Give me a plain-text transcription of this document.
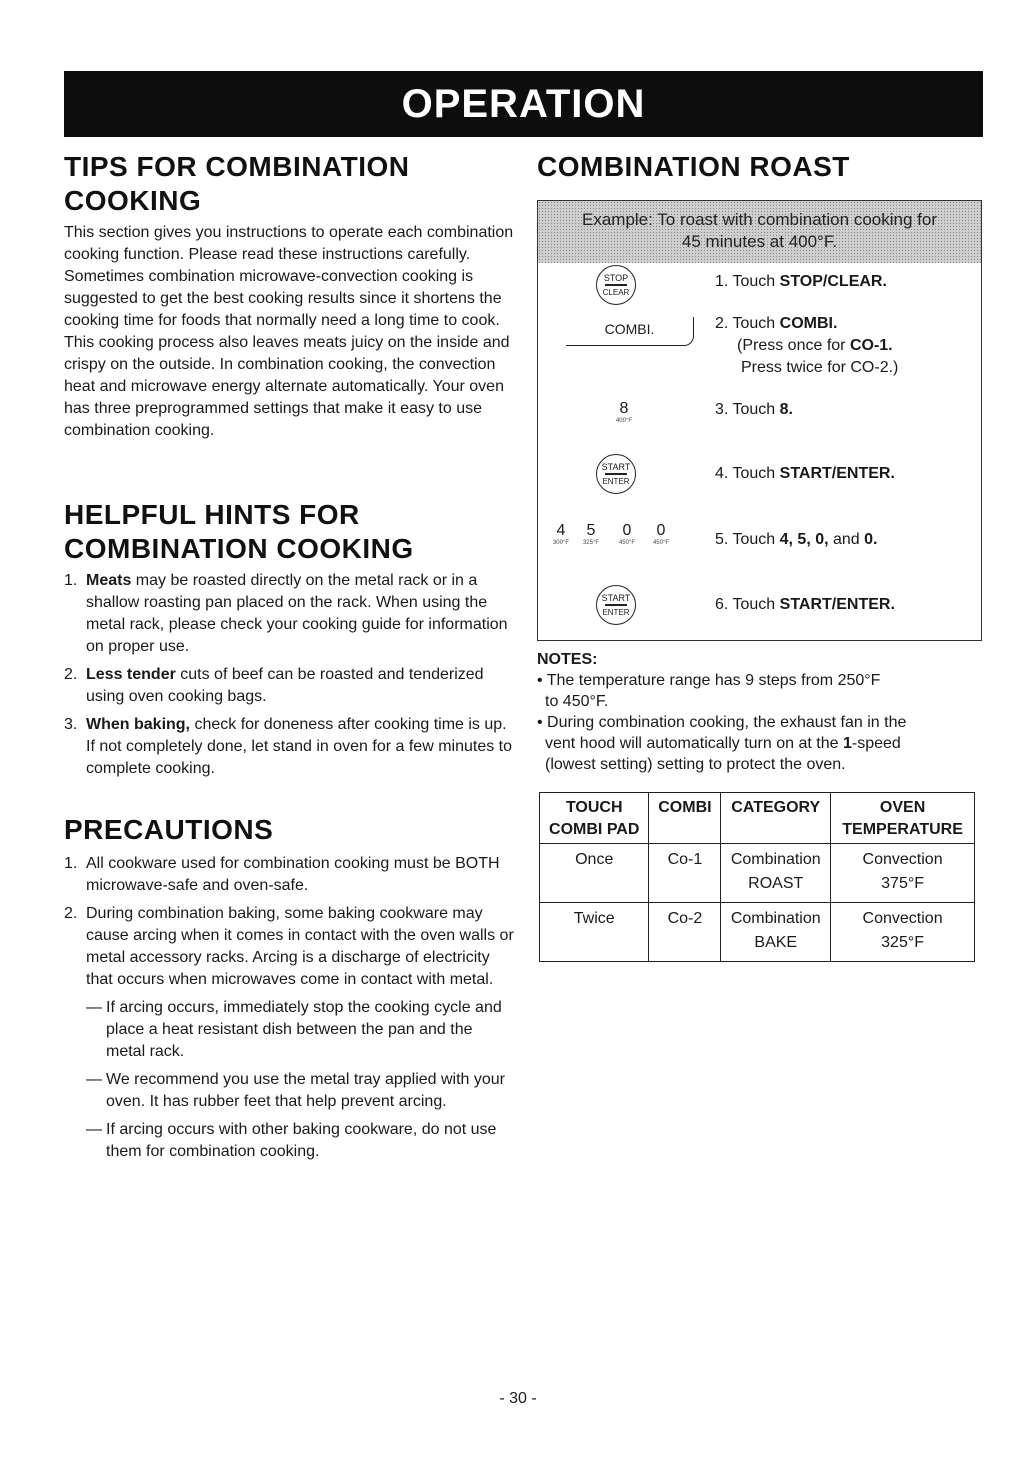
OPERATION
TIPS FOR COMBINATION
COOKING

This section gives you instructions to operate each combination cooking function. Please read these instructions carefully. Sometimes combination microwave-convection cooking is suggested to get the best cooking results since it shortens the cooking time for foods that normally need a long time to cook. This cooking process also leaves meats juicy on the inside and crispy on the outside. In combination cooking, the convection heat and microwave energy alternate automatically. Your oven has three preprogrammed settings that make it easy to use combination cooking.

HELPFUL HINTS FOR
COMBINATION COOKING
1. Meats may be roasted directly on the metal rack or in a shallow roasting pan placed on the rack. When using the metal rack, please check your cooking guide for information on proper use.
2. Less tender cuts of beef can be roasted and tenderized using oven cooking bags.
3. When baking, check for doneness after cooking time is up. If not completely done, let stand in oven for a few minutes to complete cooking.
PRECAUTIONS
1. All cookware used for combination cooking must be BOTH microwave-safe and oven-safe.
2. During combination baking, some baking cookware may cause arcing when it comes in contact with the oven walls or metal accessory racks. Arcing is a discharge of electricity that occurs when microwaves come in contact with metal.
— If arcing occurs, immediately stop the cooking cycle and place a heat resistant dish between the pan and the metal rack.
— We recommend you use the metal tray applied with your oven. It has rubber feet that help prevent arcing.
— If arcing occurs with other baking cookware, do not use them for combination cooking.
COMBINATION ROAST
Example: To roast with combination cooking for
45 minutes at 400°F.
STOP
CLEAR
1. Touch STOP/CLEAR.
COMBI.	2. Touch COMBI.
(Press once for CO-1.
Press twice for CO-2.)
8
400°F
3. Touch 8.
START
ENTER	4. Touch START/ENTER.
4
300°F
5
325°F
0
450°F
0
450°F	5. Touch 4, 5, 0, and 0.
START
ENTER	6. Touch START/ENTER.
NOTES:
• The temperature range has 9 steps from 250°F
to 450°F.
• During combination cooking, the exhaust fan in the
vent hood will automatically turn on at the 1-speed
(lowest setting) setting to protect the oven.
TOUCH
COMBI PAD	COMBI	CATEGORY	OVEN
TEMPERATURE
Once	Co-1	Combination
ROAST	Convection
375°F
Twice	Co-2	Combination
BAKE	Convection
325°F
- 30 -
